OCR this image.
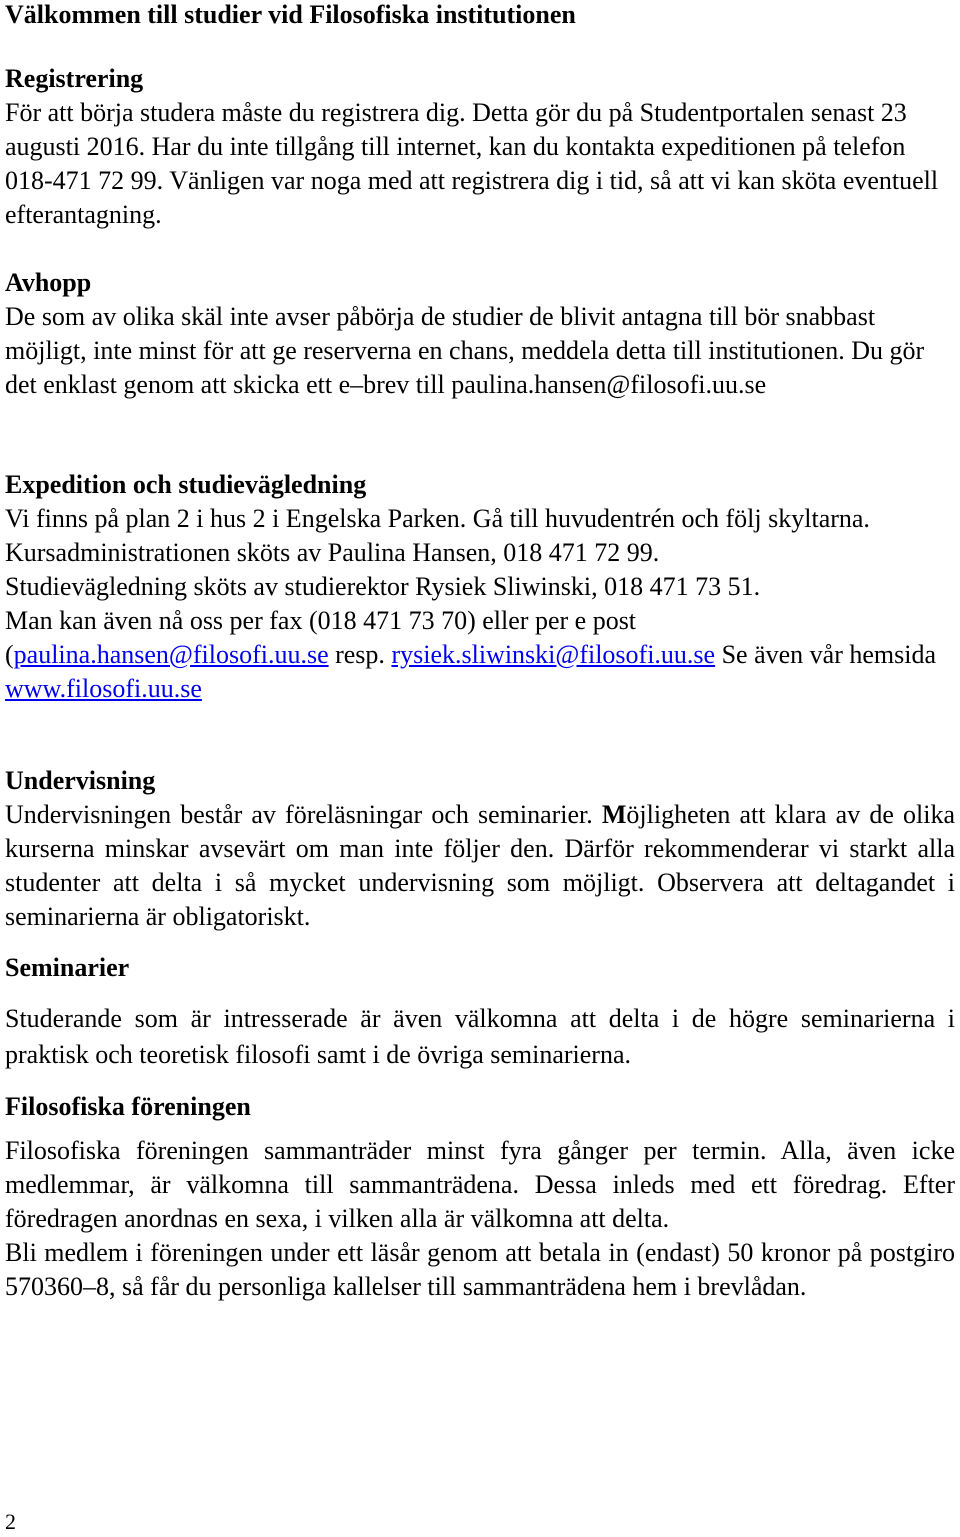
Välkommen till studier vid Filosofiska institutionen

Registrering

För att börja studera måste du registrera dig. Detta gör du på Studentportalen senast 23 augusti 2016. Har du inte tillgång till internet, kan du kontakta expeditionen på telefon 018-471 72 99. Vänligen var noga med att registrera dig i tid, så att vi kan sköta eventuell efterantagning.

Avhopp

De som av olika skäl inte avser påbörja de studier de blivit antagna till bör snabbast möjligt, inte minst för att ge reserverna en chans, meddela detta till institutionen. Du gör det enklast genom att skicka ett e–brev till paulina.hansen@filosofi.uu.se

Expedition och studievägledning

Vi finns på plan 2 i hus 2 i Engelska Parken. Gå till huvudentrén och följ skyltarna.

Kursadministrationen sköts av Paulina Hansen, 018 471 72 99.

Studievägledning sköts av studierektor Rysiek Sliwinski, 018 471 73 51.

Man kan även nå oss per fax (018 471 73 70) eller per e post (paulina.hansen@filosofi.uu.se resp. rysiek.sliwinski@filosofi.uu.se Se även vår hemsida www.filosofi.uu.se

Undervisning

Undervisningen består av föreläsningar och seminarier. Möjligheten att klara av de olika kurserna minskar avsevärt om man inte följer den. Därför rekommenderar vi starkt alla studenter att delta i så mycket undervisning som möjligt. Observera att deltagandet i seminarierna är obligatoriskt.

Seminarier

Studerande som är intresserade är även välkomna att delta i de högre seminarierna i praktisk och teoretisk filosofi samt i de övriga seminarierna.

Filosofiska föreningen

Filosofiska föreningen sammanträder minst fyra gånger per termin. Alla, även icke medlemmar, är välkomna till sammanträdena. Dessa inleds med ett föredrag. Efter föredragen anordnas en sexa, i vilken alla är välkomna att delta.

Bli medlem i föreningen under ett läsår genom att betala in (endast) 50 kronor på postgiro 570360–8, så får du personliga kallelser till sammanträdena hem i brevlådan.

2
